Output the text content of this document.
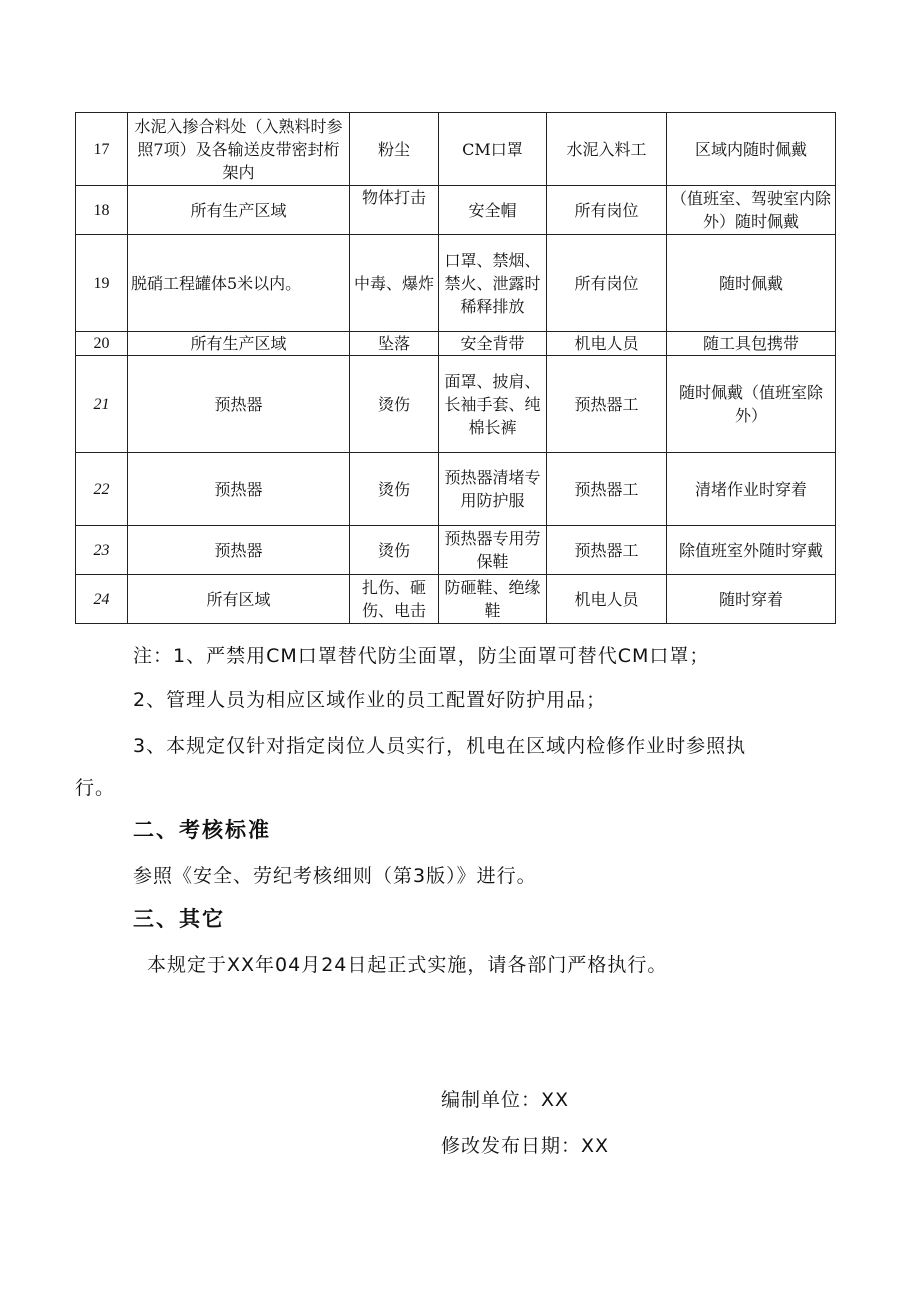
17	水泥入掺合料处（入熟料时参照7项）及各输送皮带密封桁架内	粉尘	CM口罩	水泥入料工	区域内随时佩戴
18	所有生产区域	物体打击	安全帽	所有岗位	（值班室、驾驶室内除外）随时佩戴
19	脱硝工程罐体5米以内。	中毒、爆炸	口罩、禁烟、禁火、泄露时稀释排放	所有岗位	随时佩戴
20	所有生产区域	坠落	安全背带	机电人员	随工具包携带
21	预热器	烫伤	面罩、披肩、长袖手套、纯棉长裤	预热器工	随时佩戴（值班室除外）
22	预热器	烫伤	预热器清堵专用防护服	预热器工	清堵作业时穿着
23	预热器	烫伤	预热器专用劳保鞋	预热器工	除值班室外随时穿戴
24	所有区域	扎伤、砸伤、电击	防砸鞋、绝缘鞋	机电人员	随时穿着
注：1、严禁用CM口罩替代防尘面罩，防尘面罩可替代CM口罩；
2、管理人员为相应区域作业的员工配置好防护用品；
3、本规定仅针对指定岗位人员实行，机电在区域内检修作业时参照执
行。
二、考核标准
参照《安全、劳纪考核细则（第3版）》进行。
三、其它
本规定于XX年04月24日起正式实施，请各部门严格执行。
编制单位：XX
修改发布日期：XX
